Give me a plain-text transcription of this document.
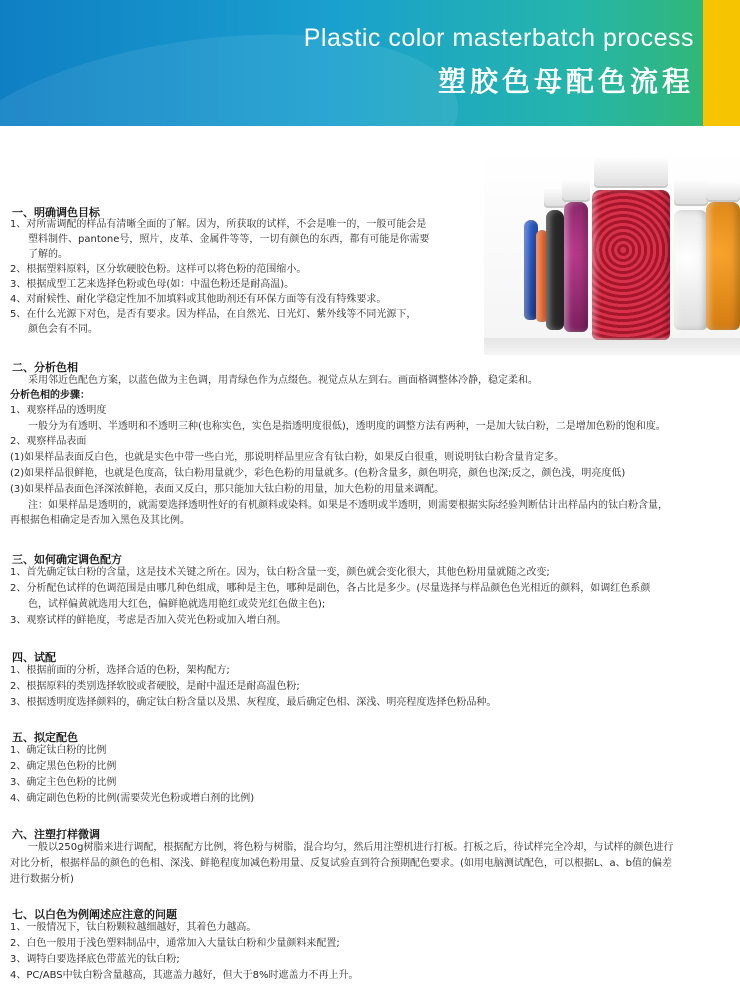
Plastic color masterbatch process
塑胶色母配色流程
一、明确调色目标
1、对所需调配的样品有清晰全面的了解。因为，所获取的试样，不会是唯一的，一般可能会是
塑料制件、pantone号，照片，皮革、金属件等等，一切有颜色的东西，都有可能是你需要
了解的。
2、根据塑料原料，区分软硬胶色粉。这样可以将色粉的范围缩小。
3、根据成型工艺来选择色粉或色母(如：中温色粉还是耐高温)。
4、对耐候性、耐化学稳定性加不加填料或其他助剂还有环保方面等有没有特殊要求。
5、在什么光源下对色，是否有要求。因为样品，在自然光、日光灯、紫外线等不同光源下，
颜色会有不同。
二、分析色相
采用邻近色配色方案，以蓝色做为主色调，用青绿色作为点缀色。视觉点从左到右。画面格调整体冷静，稳定柔和。
分析色相的步骤：
1、观察样品的透明度
一般分为有透明、半透明和不透明三种(也称实色，实色是指透明度很低)，透明度的调整方法有两种，一是加大钛白粉，二是增加色粉的饱和度。
2、观察样品表面
(1)如果样品表面反白色，也就是实色中带一些白光，那说明样品里应含有钛白粉，如果反白很重，则说明钛白粉含量肯定多。
(2)如果样品很鲜艳，也就是色度高，钛白粉用量就少，彩色色粉的用量就多。(色粉含量多，颜色明亮，颜色也深;反之，颜色浅，明亮度低)
(3)如果样品表面色泽深浓鲜艳，表面又反白，那只能加大钛白粉的用量，加大色粉的用量来调配。
注：如果样品是透明的，就需要选择透明性好的有机颜料或染料。如果是不透明或半透明，则需要根据实际经验判断估计出样品内的钛白粉含量，
再根据色相确定是否加入黑色及其比例。
三、如何确定调色配方
1、首先确定钛白粉的含量，这是技术关键之所在。因为，钛白粉含量一变，颜色就会变化很大，其他色粉用量就随之改变;
2、分析配色试样的色调范围是由哪几种色组成，哪种是主色，哪种是副色，各占比是多少。(尽量选择与样品颜色色光相近的颜料，如调红色系颜
色，试样偏黄就选用大红色，偏鲜艳就选用艳红或荧光红色做主色);
3、观察试样的鲜艳度，考虑是否加入荧光色粉或加入增白剂。
四、试配
1、根据前面的分析，选择合适的色粉，架构配方;
2、根据原料的类别选择软胶或者硬胶，是耐中温还是耐高温色粉;
3、根据透明度选择颜料的，确定钛白粉含量以及黑、灰程度，最后确定色相、深浅、明亮程度选择色粉品种。
五、拟定配色
1、确定钛白粉的比例
2、确定黑色色粉的比例
3、确定主色色粉的比例
4、确定副色色粉的比例(需要荧光色粉或增白剂的比例)
六、注塑打样微调
一般以250g树脂来进行调配，根据配方比例，将色粉与树脂，混合均匀，然后用注塑机进行打板。打板之后，待试样完全冷却，与试样的颜色进行
对比分析，根据样品的颜色的色相、深浅、鲜艳程度加减色粉用量、反复试验直到符合预期配色要求。(如用电脑测试配色，可以根据L、a、b值的偏差
进行数据分析)
七、以白色为例阐述应注意的问题
1、一般情况下，钛白粉颗粒越细越好，其着色力越高。
2、白色一般用于浅色塑料制品中，通常加入大量钛白粉和少量颜料来配置;
3、调特白要选择底色带蓝光的钛白粉;
4、PC/ABS中钛白粉含量越高，其遮盖力越好，但大于8%时遮盖力不再上升。
